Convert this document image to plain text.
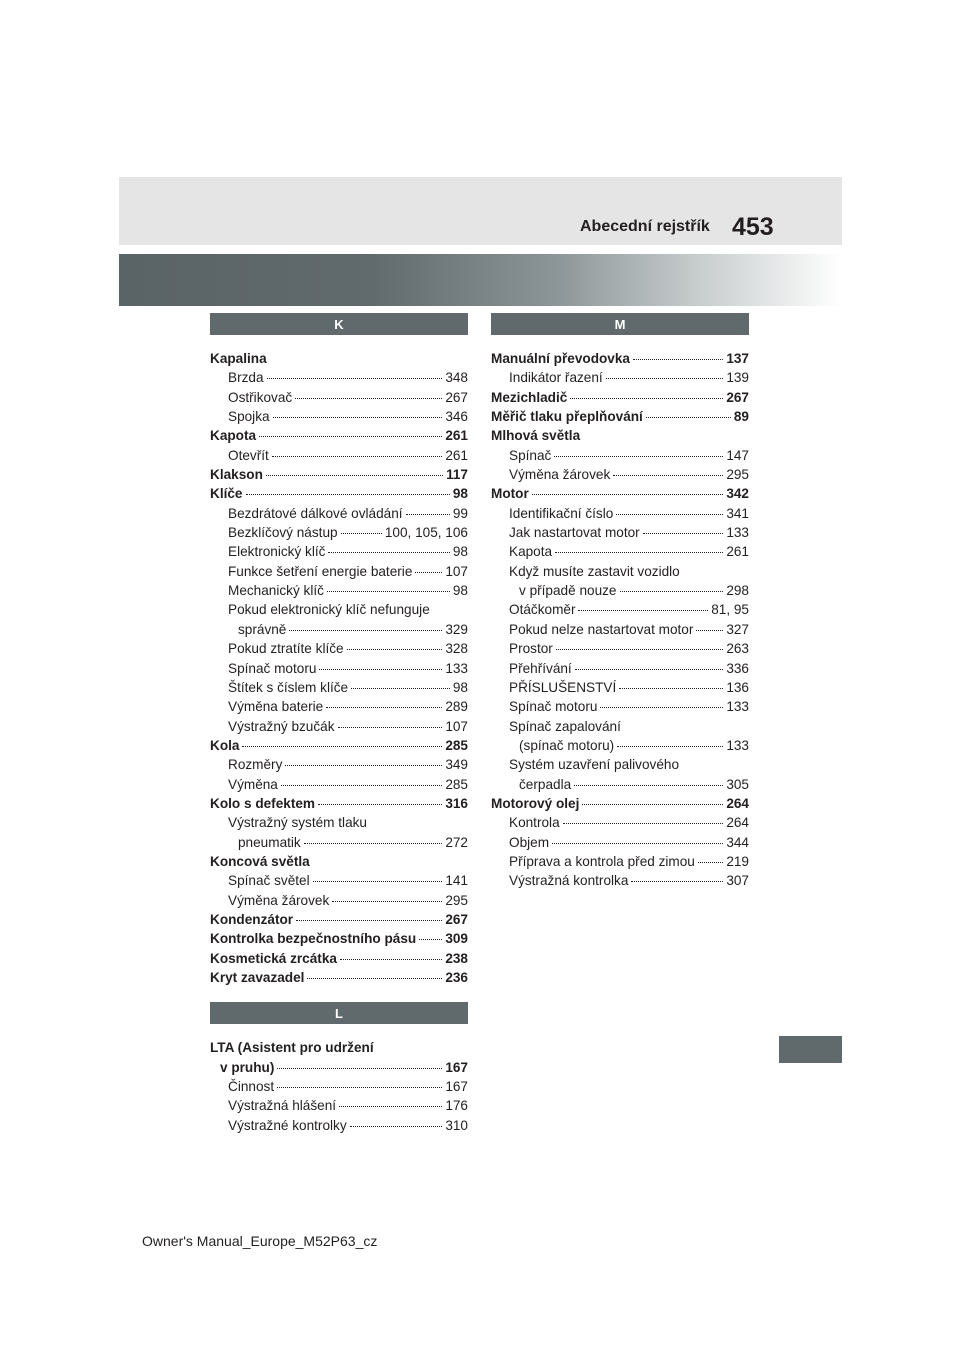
Abecední rejstřík 453
K
Kapalina
Brzda	348
Ostřikovač	267
Spojka	346
Kapota	261
Otevřít	261
Klakson	117
Klíče	98
Bezdrátové dálkové ovládání	99
Bezklíčový nástup	100, 105, 106
Elektronický klíč	98
Funkce šetření energie baterie 107
Mechanický klíč	98
Pokud elektronický klíč nefunguje
správně	329
Pokud ztratíte klíče	328
Spínač motoru	133
Štítek s číslem klíče	98
Výměna baterie	289
Výstražný bzučák	107
Kola	285
Rozměry	349
Výměna	285
Kolo s defektem	316
Výstražný systém tlaku
pneumatik	272
Koncová světla
Spínač světel	141
Výměna žárovek	295
Kondenzátor	267
Kontrolka bezpečnostního pásu 309
Kosmetická zrcátka	238
Kryt zavazadel	236
L
LTA (Asistent pro udržení
v pruhu)	167
Činnost	167
Výstražná hlášení	176
Výstražné kontrolky	310
M
Manuální převodovka	137
Indikátor řazení	139
Mezichladič	267
Měřič tlaku přeplňování	89
Mlhová světla
Spínač	147
Výměna žárovek	295
Motor	342
Identifikační číslo	341
Jak nastartovat motor	133
Kapota	261
Když musíte zastavit vozidlo
v případě nouze	298
Otáčkoměr	81, 95
Pokud nelze nastartovat motor 327
Prostor	263
Přehřívání	336
PŘÍSLUŠENSTVÍ	136
Spínač motoru	133
Spínač zapalování
(spínač motoru)	133
Systém uzavření palivového
čerpadla	305
Motorový olej	264
Kontrola	264
Objem	344
Příprava a kontrola před zimou 219
Výstražná kontrolka	307
Owner's Manual_Europe_M52P63_cz
